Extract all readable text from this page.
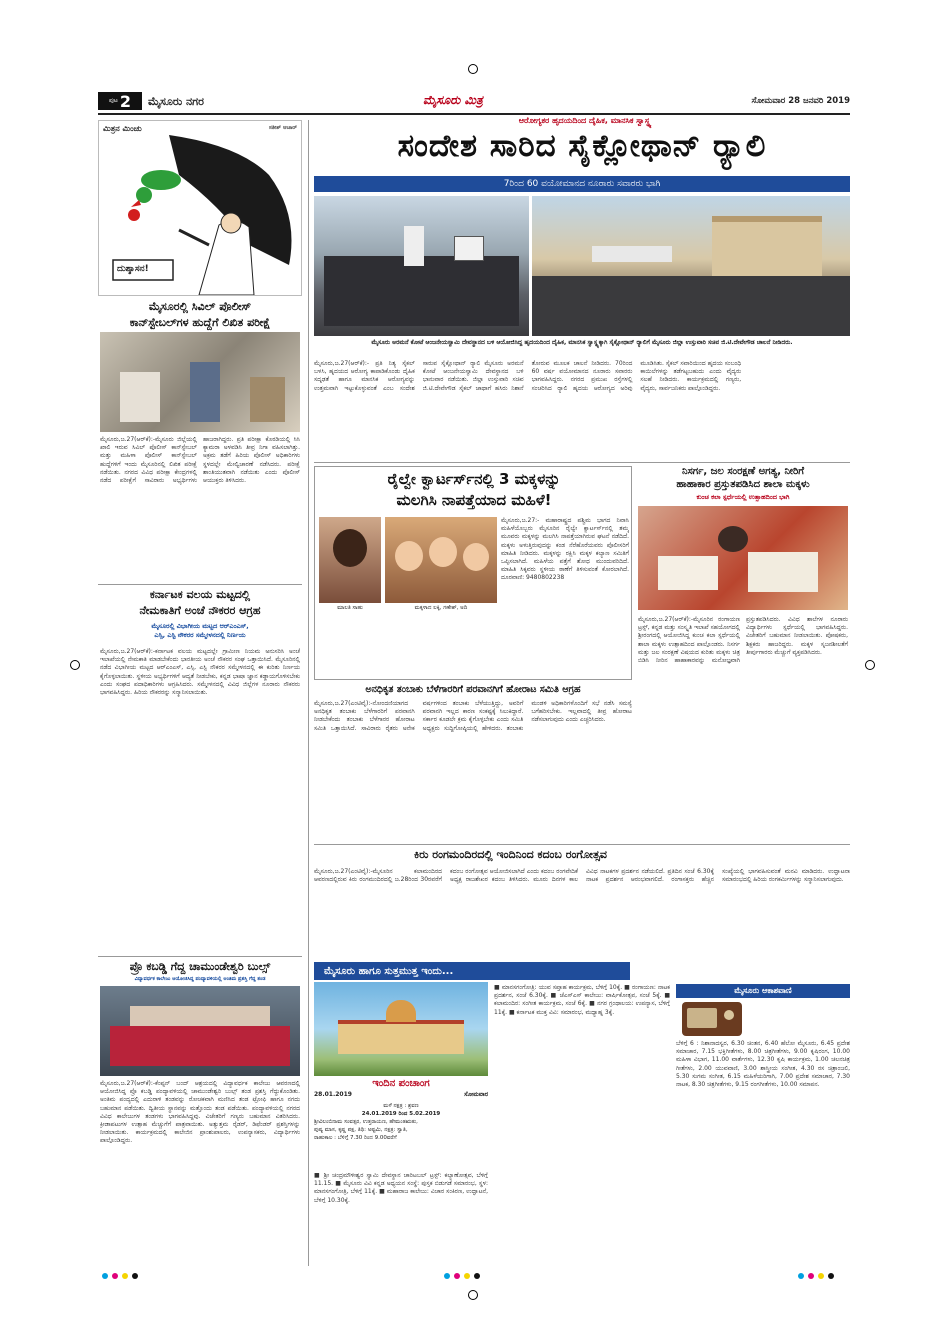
ಪುಟ 2 ಮೈಸೂರು ನಗರ	ಮೈಸೂರು ಮಿತ್ರ	ಸೋಮವಾರ 28 ಜನವರಿ 2019
ಮಿತ್ರನ ಮಿಂಚು	ಸತೀಶ್ ಆಚಾರ್
ದುಶ್ಶಾಸನ!
ಮೈಸೂರಲ್ಲಿ ಸಿವಿಲ್ ಪೊಲೀಸ್
ಕಾನ್‌ಸ್ಟೇಬಲ್‌ಗಳ ಹುದ್ದೆಗೆ ಲಿಖಿತ ಪರೀಕ್ಷೆ
ಮೈಸೂರು,ಜ.27(ಆರ್‌ಕೆ):-ಮೈಸೂರು ಜಿಲ್ಲೆಯಲ್ಲಿ ಖಾಲಿ ಇರುವ ಸಿವಿಲ್ ಪೊಲೀಸ್ ಕಾನ್‌ಸ್ಟೇಬಲ್ ಮತ್ತು ಮಹಿಳಾ ಪೊಲೀಸ್ ಕಾನ್‌ಸ್ಟೇಬಲ್ ಹುದ್ದೆಗಳಿಗೆ ಇಂದು ಮೈಸೂರಿನಲ್ಲಿ ಲಿಖಿತ ಪರೀಕ್ಷೆ ನಡೆಯಿತು. ನಗರದ ವಿವಿಧ ಪರೀಕ್ಷಾ ಕೇಂದ್ರಗಳಲ್ಲಿ ನಡೆದ ಪರೀಕ್ಷೆಗೆ ಸಾವಿರಾರು ಅಭ್ಯರ್ಥಿಗಳು ಹಾಜರಾಗಿದ್ದರು. ಪ್ರತಿ ಪರೀಕ್ಷಾ ಕೊಠಡಿಯಲ್ಲಿ ಸಿಸಿ ಕ್ಯಾಮರಾ ಅಳವಡಿಸಿ ತೀವ್ರ ನಿಗಾ ವಹಿಸಲಾಗಿತ್ತು. ಅಕ್ರಮ ತಡೆಗೆ ಹಿರಿಯ ಪೊಲೀಸ್ ಅಧಿಕಾರಿಗಳು ಸ್ಥಳದಲ್ಲೇ ಮೇಲ್ವಿಚಾರಣೆ ನಡೆಸಿದರು. ಪರೀಕ್ಷೆ ಶಾಂತಿಯುತವಾಗಿ ನಡೆಯಿತು ಎಂದು ಪೊಲೀಸ್ ಆಯುಕ್ತರು ತಿಳಿಸಿದರು.
ಕರ್ನಾಟಕ ವಲಯ ಮಟ್ಟದಲ್ಲಿ
ನೇಮಕಾತಿಗೆ ಅಂಚೆ ನೌಕರರ ಆಗ್ರಹ
ಮೈಸೂರಲ್ಲಿ ವಿಭಾಗೀಯ ಮಟ್ಟದ ಆರ್‌ಎಂಎಸ್,
ಎಸ್ಸಿ, ಎಸ್ಟಿ ನೌಕರರ ಸಮ್ಮೇಳನದಲ್ಲಿ ನಿರ್ಣಯ
ಮೈಸೂರು,ಜ.27(ಆರ್‌ಕೆ):-ಕರ್ನಾಟಕ ವಲಯ ಮಟ್ಟದಲ್ಲೇ ಗ್ರಾಮೀಣ ನಿಯಮ ಅನುಸರಿಸಿ ಅಂಚೆ ಇಲಾಖೆಯಲ್ಲಿ ನೇಮಕಾತಿ ಮಾಡಬೇಕೆಂದು ಭಾರತೀಯ ಅಂಚೆ ನೌಕರರ ಸಂಘ ಒತ್ತಾಯಿಸಿದೆ. ಮೈಸೂರಿನಲ್ಲಿ ನಡೆದ ವಿಭಾಗೀಯ ಮಟ್ಟದ ಆರ್‌ಎಂಎಸ್, ಎಸ್ಸಿ, ಎಸ್ಟಿ ನೌಕರರ ಸಮ್ಮೇಳನದಲ್ಲಿ ಈ ಕುರಿತು ನಿರ್ಣಯ ಕೈಗೊಳ್ಳಲಾಯಿತು. ಸ್ಥಳೀಯ ಅಭ್ಯರ್ಥಿಗಳಿಗೆ ಆದ್ಯತೆ ನೀಡಬೇಕು, ಕನ್ನಡ ಭಾಷಾ ಜ್ಞಾನ ಕಡ್ಡಾಯಗೊಳಿಸಬೇಕು ಎಂದು ಸಂಘದ ಪದಾಧಿಕಾರಿಗಳು ಆಗ್ರಹಿಸಿದರು. ಸಮ್ಮೇಳನದಲ್ಲಿ ವಿವಿಧ ಜಿಲ್ಲೆಗಳ ನೂರಾರು ನೌಕರರು ಭಾಗವಹಿಸಿದ್ದರು. ಹಿರಿಯ ನೌಕರರನ್ನು ಸನ್ಮಾನಿಸಲಾಯಿತು.
ಪ್ರೊ ಕಬಡ್ಡಿ ಗೆದ್ದ ಚಾಮುಂಡೇಶ್ವರಿ ಬುಲ್ಸ್
ವಿದ್ಯಾವರ್ಧಕ ಕಾಲೇಜು ಆಯೋಜಿಸಿದ್ದ ಪಂದ್ಯಾವಳಿಯಲ್ಲಿ ಅಂತಿಮ ಪ್ರಶಸ್ತಿ ಗೆದ್ದ ತಂಡ
ಮೈಸೂರು,ಜ.27(ಆರ್‌ಕೆ):-ಕೆಂಪ್ಟನ್ ಬಂದ್ ಆಶ್ರಯದಲ್ಲಿ ವಿದ್ಯಾವರ್ಧಕ ಕಾಲೇಜು ಆವರಣದಲ್ಲಿ ಆಯೋಜಿಸಿದ್ದ ಪ್ರೊ ಕಬಡ್ಡಿ ಪಂದ್ಯಾವಳಿಯಲ್ಲಿ ಚಾಮುಂಡೇಶ್ವರಿ ಬುಲ್ಸ್ ತಂಡ ಪ್ರಶಸ್ತಿ ಗೆದ್ದುಕೊಂಡಿತು. ಅಂತಿಮ ಪಂದ್ಯದಲ್ಲಿ ಎದುರಾಳಿ ತಂಡವನ್ನು ರೋಚಕವಾಗಿ ಮಣಿಸಿದ ತಂಡ ಟ್ರೋಫಿ ಹಾಗೂ ನಗದು ಬಹುಮಾನ ಪಡೆಯಿತು. ದ್ವಿತೀಯ ಸ್ಥಾನವನ್ನು ಮತ್ತೊಂದು ತಂಡ ಪಡೆಯಿತು. ಪಂದ್ಯಾವಳಿಯಲ್ಲಿ ನಗರದ ವಿವಿಧ ಕಾಲೇಜುಗಳ ತಂಡಗಳು ಭಾಗವಹಿಸಿದ್ದವು. ವಿಜೇತರಿಗೆ ಗಣ್ಯರು ಬಹುಮಾನ ವಿತರಿಸಿದರು. ಕ್ರೀಡಾಪಟುಗಳ ಉತ್ಸಾಹ ಮೆಚ್ಚುಗೆಗೆ ಪಾತ್ರವಾಯಿತು. ಅತ್ಯುತ್ತಮ ರೈಡರ್, ಡಿಫೆಂಡರ್ ಪ್ರಶಸ್ತಿಗಳನ್ನು ನೀಡಲಾಯಿತು. ಕಾರ್ಯಕ್ರಮದಲ್ಲಿ ಕಾಲೇಜಿನ ಪ್ರಾಂಶುಪಾಲರು, ಉಪನ್ಯಾಸಕರು, ವಿದ್ಯಾರ್ಥಿಗಳು ಪಾಲ್ಗೊಂಡಿದ್ದರು.
ಆರೋಗ್ಯಕರ ಹೃದಯದಿಂದ ದೈಹಿಕ, ಮಾನಸಿಕ ಸ್ವಾಸ್ಥ್ಯ
ಸಂದೇಶ ಸಾರಿದ ಸೈಕ್ಲೋಥಾನ್ ರ‍್ಯಾಲಿ
7ರಿಂದ 60 ವಯೋಮಾನದ ನೂರಾರು ಸವಾರರು ಭಾಗಿ
ಮೈಸೂರು ಅರಮನೆ ಕೋಟೆ ಆಂಜನೇಯಸ್ವಾಮಿ ದೇವಸ್ಥಾನದ ಬಳಿ ಆಯೋಜಿಸಿದ್ದ ಹೃದಯದಿಂದ ದೈಹಿಕ, ಮಾನಸಿಕ ಸ್ವಾಸ್ಥ್ಯಕ್ಕಾಗಿ ಸೈಕ್ಲೋಥಾನ್ ರ‍್ಯಾಲಿಗೆ ಮೈಸೂರು ಜಿಲ್ಲಾ ಉಸ್ತುವಾರಿ ಸಚಿವ ಜಿ.ಟಿ.ದೇವೇಗೌಡ ಚಾಲನೆ ನೀಡಿದರು.
ಮೈಸೂರು,ಜ.27(ಆರ್‌ಕೆ):- ಪ್ರತಿ ನಿತ್ಯ ಸೈಕಲ್ ಬಳಸಿ, ಹೃದಯದ ಆರೋಗ್ಯ ಕಾಪಾಡಿಕೊಂಡು ದೈಹಿಕ ಸದೃಢತೆ ಹಾಗೂ ಮಾನಸಿಕ ಆರೋಗ್ಯವನ್ನು ಉತ್ತಮವಾಗಿ ಇಟ್ಟುಕೊಳ್ಳುವಂತೆ ಎಂಬ ಸಂದೇಶ ಸಾರುವ ಸೈಕ್ಲೋಥಾನ್ ರ‍್ಯಾಲಿ ಮೈಸೂರು ಅರಮನೆ ಕೋಟೆ ಆಂಜನೇಯಸ್ವಾಮಿ ದೇವಸ್ಥಾನದ ಬಳಿ ಭಾನುವಾರ ನಡೆಯಿತು. ಜಿಲ್ಲಾ ಉಸ್ತುವಾರಿ ಸಚಿವ ಜಿ.ಟಿ.ದೇವೇಗೌಡ ಸೈಕಲ್ ಜಾಥಾಗೆ ಹಸಿರು ನಿಶಾನೆ ತೋರುವ ಮೂಲಕ ಚಾಲನೆ ನೀಡಿದರು. 70ರಿಂದ 60 ವರ್ಷ ವಯೋಮಾನದ ನೂರಾರು ಸವಾರರು ಭಾಗವಹಿಸಿದ್ದರು. ನಗರದ ಪ್ರಮುಖ ರಸ್ತೆಗಳಲ್ಲಿ ಸಂಚರಿಸಿದ ರ‍್ಯಾಲಿ ಹೃದಯ ಆರೋಗ್ಯದ ಅರಿವು ಮೂಡಿಸಿತು. ಸೈಕಲ್ ಸವಾರಿಯಿಂದ ಹೃದಯ ಸಂಬಂಧಿ ಕಾಯಿಲೆಗಳನ್ನು ತಡೆಗಟ್ಟಬಹುದು ಎಂದು ವೈದ್ಯರು ಸಲಹೆ ನೀಡಿದರು. ಕಾರ್ಯಕ್ರಮದಲ್ಲಿ ಗಣ್ಯರು, ವೈದ್ಯರು, ಸಾರ್ವಜನಿಕರು ಪಾಲ್ಗೊಂಡಿದ್ದರು.
ರೈಲ್ವೇ ಕ್ವಾರ್ಟರ್ಸ್‌ನಲ್ಲಿ 3 ಮಕ್ಕಳನ್ನು
ಮಲಗಿಸಿ ನಾಪತ್ತೆಯಾದ ಮಹಿಳೆ!
ಮಾಲತಿ ಸಾಹು	ಮಕ್ಕಳಾದ ಲಕ್ಕಿ, ಗಣೇಶ್, ಅದಿ
ಮೈಸೂರು,ಜ.27:- ಮಹಾರಾಷ್ಟ್ರದ ಪಶ್ಚಿಮ ಭಾಗದ ನಿವಾಸಿ ಮಹಿಳೆಯೊಬ್ಬರು ಮೈಸೂರಿನ ರೈಲ್ವೇ ಕ್ವಾರ್ಟರ್ಸ್‌ನಲ್ಲಿ ತಮ್ಮ ಮೂವರು ಮಕ್ಕಳನ್ನು ಮಲಗಿಸಿ ನಾಪತ್ತೆಯಾಗಿರುವ ಘಟನೆ ನಡೆದಿದೆ. ಮಕ್ಕಳು ಅಳುತ್ತಿರುವುದನ್ನು ಕಂಡ ನೆರೆಹೊರೆಯವರು ಪೊಲೀಸರಿಗೆ ಮಾಹಿತಿ ನೀಡಿದರು. ಮಕ್ಕಳನ್ನು ರಕ್ಷಿಸಿ ಮಕ್ಕಳ ಕಲ್ಯಾಣ ಸಮಿತಿಗೆ ಒಪ್ಪಿಸಲಾಗಿದೆ. ಮಹಿಳೆಯ ಪತ್ತೆಗೆ ಶೋಧ ಮುಂದುವರಿದಿದೆ. ಮಾಹಿತಿ ಸಿಕ್ಕವರು ಸ್ಥಳೀಯ ಠಾಣೆಗೆ ತಿಳಿಸುವಂತೆ ಕೋರಲಾಗಿದೆ. ದೂರವಾಣಿ: 9480802238
ನಿಸರ್ಗ, ಜಲ ಸಂರಕ್ಷಣೆ ಅಗತ್ಯ, ನೀರಿಗೆ
ಹಾಹಾಕಾರ ಪ್ರಸ್ತುತಪಡಿಸಿದ ಶಾಲಾ ಮಕ್ಕಳು
ಕುಂಚ ಕಲಾ ಸ್ಪರ್ಧೆಯಲ್ಲಿ ಉತ್ಸಾಹದಿಂದ ಭಾಗಿ
ಮೈಸೂರು,ಜ.27(ಆರ್‌ಕೆ):-ಮೈಸೂರಿನ ರಂಗಾಯಣ ಟ್ರಸ್ಟ್, ಕನ್ನಡ ಮತ್ತು ಸಂಸ್ಕೃತಿ ಇಲಾಖೆ ಸಹಯೋಗದಲ್ಲಿ ಶ್ರೀರಂಗದಲ್ಲಿ ಆಯೋಜಿಸಿದ್ದ ಕುಂಚ ಕಲಾ ಸ್ಪರ್ಧೆಯಲ್ಲಿ ಶಾಲಾ ಮಕ್ಕಳು ಉತ್ಸಾಹದಿಂದ ಪಾಲ್ಗೊಂಡರು. ನಿಸರ್ಗ ಮತ್ತು ಜಲ ಸಂರಕ್ಷಣೆ ವಿಷಯದ ಕುರಿತು ಮಕ್ಕಳು ಚಿತ್ರ ಬಿಡಿಸಿ ನೀರಿನ ಹಾಹಾಕಾರವನ್ನು ಮನೋಜ್ಞವಾಗಿ ಪ್ರಸ್ತುತಪಡಿಸಿದರು. ವಿವಿಧ ಶಾಲೆಗಳ ನೂರಾರು ವಿದ್ಯಾರ್ಥಿಗಳು ಸ್ಪರ್ಧೆಯಲ್ಲಿ ಭಾಗವಹಿಸಿದ್ದರು. ವಿಜೇತರಿಗೆ ಬಹುಮಾನ ನೀಡಲಾಯಿತು. ಪೋಷಕರು, ಶಿಕ್ಷಕರು ಹಾಜರಿದ್ದರು. ಮಕ್ಕಳ ಸೃಜನಶೀಲತೆಗೆ ತೀರ್ಪುಗಾರರು ಮೆಚ್ಚುಗೆ ವ್ಯಕ್ತಪಡಿಸಿದರು.
ಅನಧಿಕೃತ ತಂಬಾಕು ಬೆಳೆಗಾರರಿಗೆ ಪರವಾನಗಿಗೆ ಹೋರಾಟ ಸಮಿತಿ ಆಗ್ರಹ
ಮೈಸೂರು,ಜ.27(ಎಂಟಿವೈ):-ನೋಂದಣಿಯಾಗದ ಅನಧಿಕೃತ ತಂಬಾಕು ಬೆಳೆಗಾರರಿಗೆ ಪರವಾನಗಿ ನೀಡಬೇಕೆಂದು ತಂಬಾಕು ಬೆಳೆಗಾರರ ಹೋರಾಟ ಸಮಿತಿ ಒತ್ತಾಯಿಸಿದೆ. ಸಾವಿರಾರು ರೈತರು ಅನೇಕ ವರ್ಷಗಳಿಂದ ತಂಬಾಕು ಬೆಳೆಯುತ್ತಿದ್ದು, ಅವರಿಗೆ ಪರವಾನಗಿ ಇಲ್ಲದ ಕಾರಣ ಸಂಕಷ್ಟಕ್ಕೆ ಸಿಲುಕಿದ್ದಾರೆ. ಸರ್ಕಾರ ಕೂಡಲೇ ಕ್ರಮ ಕೈಗೊಳ್ಳಬೇಕು ಎಂದು ಸಮಿತಿ ಅಧ್ಯಕ್ಷರು ಸುದ್ದಿಗೋಷ್ಠಿಯಲ್ಲಿ ಹೇಳಿದರು. ತಂಬಾಕು ಮಂಡಳಿ ಅಧಿಕಾರಿಗಳೊಂದಿಗೆ ಸಭೆ ನಡೆಸಿ ಸಮಸ್ಯೆ ಬಗೆಹರಿಸಬೇಕು. ಇಲ್ಲವಾದಲ್ಲಿ ತೀವ್ರ ಹೋರಾಟ ನಡೆಸಲಾಗುವುದು ಎಂದು ಎಚ್ಚರಿಸಿದರು.
ಕಿರು ರಂಗಮಂದಿರದಲ್ಲಿ ಇಂದಿನಿಂದ ಕದಂಬ ರಂಗೋತ್ಸವ
ಮೈಸೂರು,ಜ.27(ಎಂಟಿವೈ):-ಮೈಸೂರಿನ ಕಲಾಮಂದಿರದ ಆವರಣದಲ್ಲಿರುವ ಕಿರು ರಂಗಮಂದಿರದಲ್ಲಿ ಜ.28ರಿಂದ 30ರವರೆಗೆ ಕದಂಬ ರಂಗೋತ್ಸವ ಆಯೋಜಿಸಲಾಗಿದೆ ಎಂದು ಕದಂಬ ರಂಗವೇದಿಕೆ ಅಧ್ಯಕ್ಷ ರಾಜಶೇಖರ ಕದಂಬ ತಿಳಿಸಿದರು. ಮೂರು ದಿನಗಳ ಕಾಲ ವಿವಿಧ ನಾಟಕಗಳ ಪ್ರದರ್ಶನ ನಡೆಯಲಿದೆ. ಪ್ರತಿದಿನ ಸಂಜೆ 6.30ಕ್ಕೆ ನಾಟಕ ಪ್ರದರ್ಶನ ಆರಂಭವಾಗಲಿದೆ. ರಂಗಾಸಕ್ತರು ಹೆಚ್ಚಿನ ಸಂಖ್ಯೆಯಲ್ಲಿ ಭಾಗವಹಿಸುವಂತೆ ಮನವಿ ಮಾಡಿದರು. ಉದ್ಘಾಟನಾ ಸಮಾರಂಭದಲ್ಲಿ ಹಿರಿಯ ರಂಗಕರ್ಮಿಗಳನ್ನು ಸನ್ಮಾನಿಸಲಾಗುವುದು.
ಮೈಸೂರು ಹಾಗೂ ಸುತ್ತಮುತ್ತ ಇಂದು...
ಇಂದಿನ ಪಂಚಾಂಗ
28.01.2019	ಸೋಮವಾರ
ಮಳೆ ನಕ್ಷತ್ರ : ಶ್ರವಣ
24.01.2019 ರಿಂದ 5.02.2019
ಶ್ರೀವಿಲಂಬಿನಾಮ ಸಂವತ್ಸರ, ಉತ್ತರಾಯಣ, ಹೇಮಂತಋತು,
ಪುಷ್ಯ ಮಾಸ, ಕೃಷ್ಣ ಪಕ್ಷ, ತಿಥಿ: ಅಷ್ಟಮಿ, ನಕ್ಷತ್ರ: ಸ್ವಾತಿ,
ರಾಹುಕಾಲ : ಬೆಳಿಗ್ಗೆ 7.30 ರಿಂದ 9.00ವರೆಗೆ
■ ಶ್ರೀ ಚಂದ್ರಮೌಳೀಶ್ವರ ಸ್ವಾಮಿ ದೇವಸ್ಥಾನ ಚಾರಿಟಬಲ್ ಟ್ರಸ್ಟ್: ಕಲ್ಯಾಣೋತ್ಸವ, ಬೆಳಿಗ್ಗೆ 11.15. ■ ಮೈಸೂರು ವಿವಿ ಕನ್ನಡ ಅಧ್ಯಯನ ಸಂಸ್ಥೆ: ಪುಸ್ತಕ ಬಿಡುಗಡೆ ಸಮಾರಂಭ, ಸ್ಥಳ: ಮಾನಸಗಂಗೋತ್ರಿ, ಬೆಳಿಗ್ಗೆ 11ಕ್ಕೆ. ■ ಮಹಾರಾಜ ಕಾಲೇಜು: ವಿಚಾರ ಸಂಕಿರಣ, ಉದ್ಘಾಟನೆ, ಬೆಳಿಗ್ಗೆ 10.30ಕ್ಕೆ.
■ ಮಾನಸಗಂಗೋತ್ರಿ: ಯುವ ಸಪ್ತಾಹ ಕಾರ್ಯಕ್ರಮ, ಬೆಳಿಗ್ಗೆ 10ಕ್ಕೆ. ■ ರಂಗಾಯಣ: ನಾಟಕ ಪ್ರದರ್ಶನ, ಸಂಜೆ 6.30ಕ್ಕೆ. ■ ಜೆಎಸ್‌ಎಸ್ ಕಾಲೇಜು: ವಾರ್ಷಿಕೋತ್ಸವ, ಸಂಜೆ 5ಕ್ಕೆ. ■ ಕಲಾಮಂದಿರ: ಸಂಗೀತ ಕಾರ್ಯಕ್ರಮ, ಸಂಜೆ 6ಕ್ಕೆ. ■ ನಗರ ಗ್ರಂಥಾಲಯ: ಉಪನ್ಯಾಸ, ಬೆಳಿಗ್ಗೆ 11ಕ್ಕೆ. ■ ಕರ್ನಾಟಕ ಮುಕ್ತ ವಿವಿ: ಸಮಾರಂಭ, ಮಧ್ಯಾಹ್ನ 3ಕ್ಕೆ.
ಮೈಸೂರು ಆಕಾಶವಾಣಿ
ಬೆಳಿಗ್ಗೆ 6 : ನಿಶಾನಾದಸ್ವರ, 6.30 ಚಿಂತನ, 6.40 ಹೆಲೋ ಮೈಸೂರು, 6.45 ಪ್ರದೇಶ ಸಮಾಚಾರ, 7.15 ಭಕ್ತಿಗೀತೆಗಳು, 8.00 ಚಿತ್ರಗೀತೆಗಳು, 9.00 ಕೃಷಿರಂಗ, 10.00 ಮಹಿಳಾ ವಿಭಾಗ, 11.00 ವಾರ್ತೆಗಳು, 12.30 ಕೃಷಿ ಕಾರ್ಯಕ್ರಮ, 1.00 ಚಲನಚಿತ್ರ ಗೀತೆಗಳು, 2.00 ಯುವವಾಣಿ, 3.00 ಶಾಸ್ತ್ರೀಯ ಸಂಗೀತ, 4.30 ರಸ ಚಿತ್ರಾಂಜಲಿ, 5.30 ಸುಗಮ ಸಂಗೀತ, 6.15 ಮಹಿಳೆಯರಿಗಾಗಿ, 7.00 ಪ್ರದೇಶ ಸಮಾಚಾರ, 7.30 ನಾಟಕ, 8.30 ಚಿತ್ರಗೀತೆಗಳು, 9.15 ರಂಗಗೀತೆಗಳು, 10.00 ಸಮಾಪನ.
